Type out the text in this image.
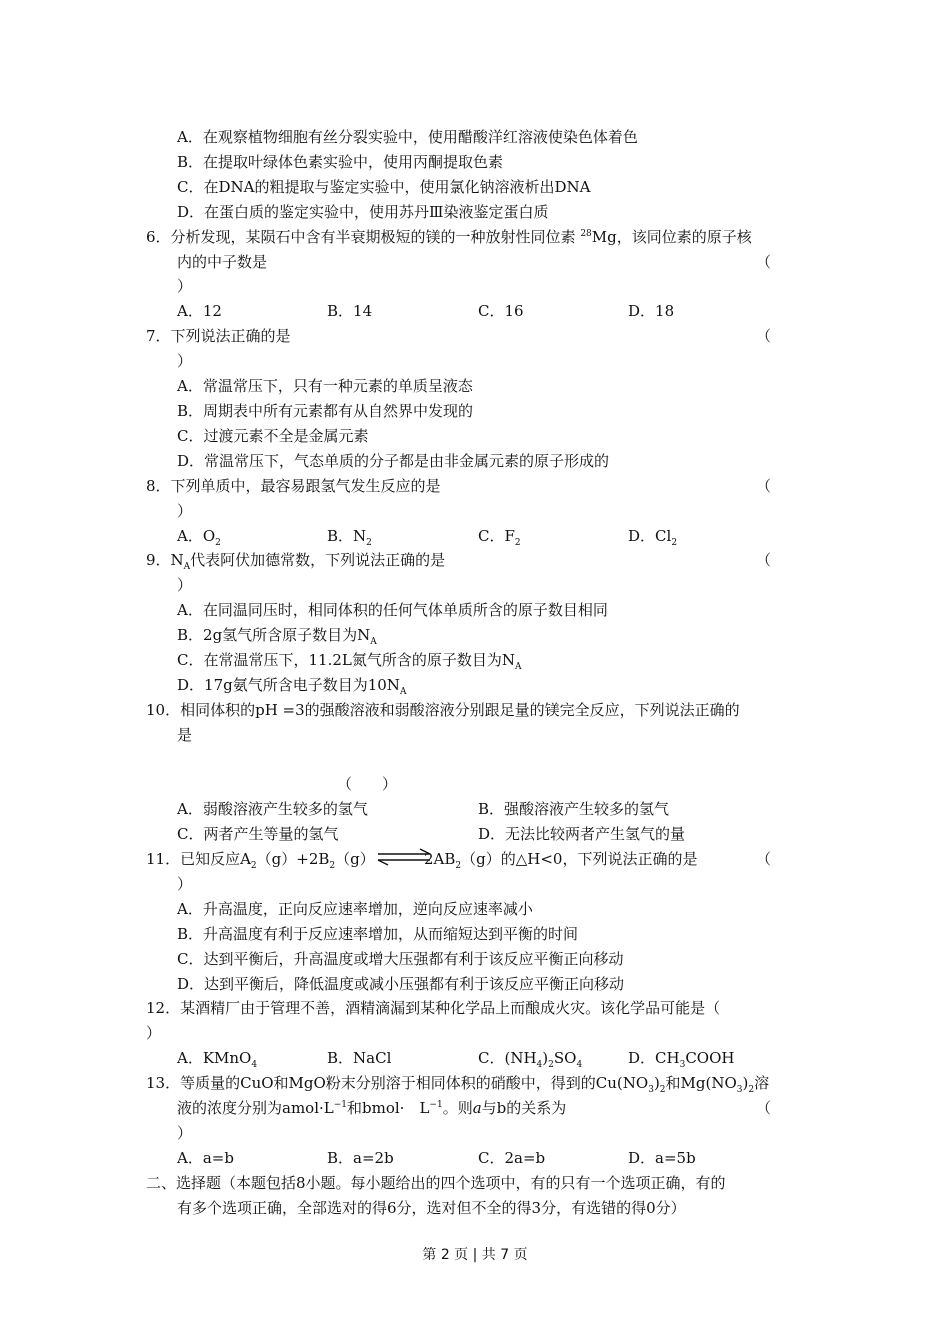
A．在观察植物细胞有丝分裂实验中，使用醋酸洋红溶液使染色体着色
B．在提取叶绿体色素实验中，使用丙酮提取色素
C．在DNA的粗提取与鉴定实验中，使用氯化钠溶液析出DNA
D．在蛋白质的鉴定实验中，使用苏丹Ⅲ染液鉴定蛋白质
6．分析发现，某陨石中含有半衰期极短的镁的一种放射性同位素 $^{28}$Mg，该同位素的原子核
内的中子数是	（
）
A．12	B．14	C．16	D．18
7．下列说法正确的是	（
）
A．常温常压下，只有一种元素的单质呈液态
B．周期表中所有元素都有从自然界中发现的
C．过渡元素不全是金属元素
D．常温常压下，气态单质的分子都是由非金属元素的原子形成的
8．下列单质中，最容易跟氢气发生反应的是	（
）
A．$O_2$	B．$N_2$	C．$F_2$	D．$Cl_2$
9．$N_A$代表阿伏加德常数，下列说法正确的是	（
）
A．在同温同压时，相同体积的任何气体单质所含的原子数目相同
B．2g氢气所含原子数目为$N_A$
C．在常温常压下，11.2L氮气所含的原子数目为$N_A$
D．17g氨气所含电子数目为$10N_A$
10．相同体积的pH =3的强酸溶液和弱酸溶液分别跟足量的镁完全反应，下列说法正确的
是
（　　）
A．弱酸溶液产生较多的氢气	B．强酸溶液产生较多的氢气
C．两者产生等量的氢气	D．无法比较两者产生氢气的量
11．已知反应$A_2(g)+2B_2(g)$ ⇌
$2AB_2(g)$的△H<0，下列说法正确的是	（
）
A．升高温度，正向反应速率增加，逆向反应速率减小
B．升高温度有利于反应速率增加，从而缩短达到平衡的时间
C．达到平衡后，升高温度或增大压强都有利于该反应平衡正向移动
D．达到平衡后，降低温度或减小压强都有利于该反应平衡正向移动
12．某酒精厂由于管理不善，酒精滴漏到某种化学品上而酿成火灾。该化学品可能是（
）
A．KMnO$_4$	B．NaCl	C．$(NH_4)_2SO_4$	D．$CH_3COOH$
13．等质量的CuO和MgO粉末分别溶于相同体积的硝酸中，得到的$Cu(NO_3)_2$和$Mg(NO_3)_2$溶
液的浓度分别为$amol\cdot L^{-1}$和bmol·　$L^{-1}$。则a与b的关系为	（
）
A．a=b	B．a=2b	C．2a=b	D．a=5b
二、选择题（本题包括8小题。每小题给出的四个选项中，有的只有一个选项正确，有的
有多个选项正确，全部选对的得6分，选对但不全的得3分，有选错的得0分）
第 2 页 | 共 7 页
